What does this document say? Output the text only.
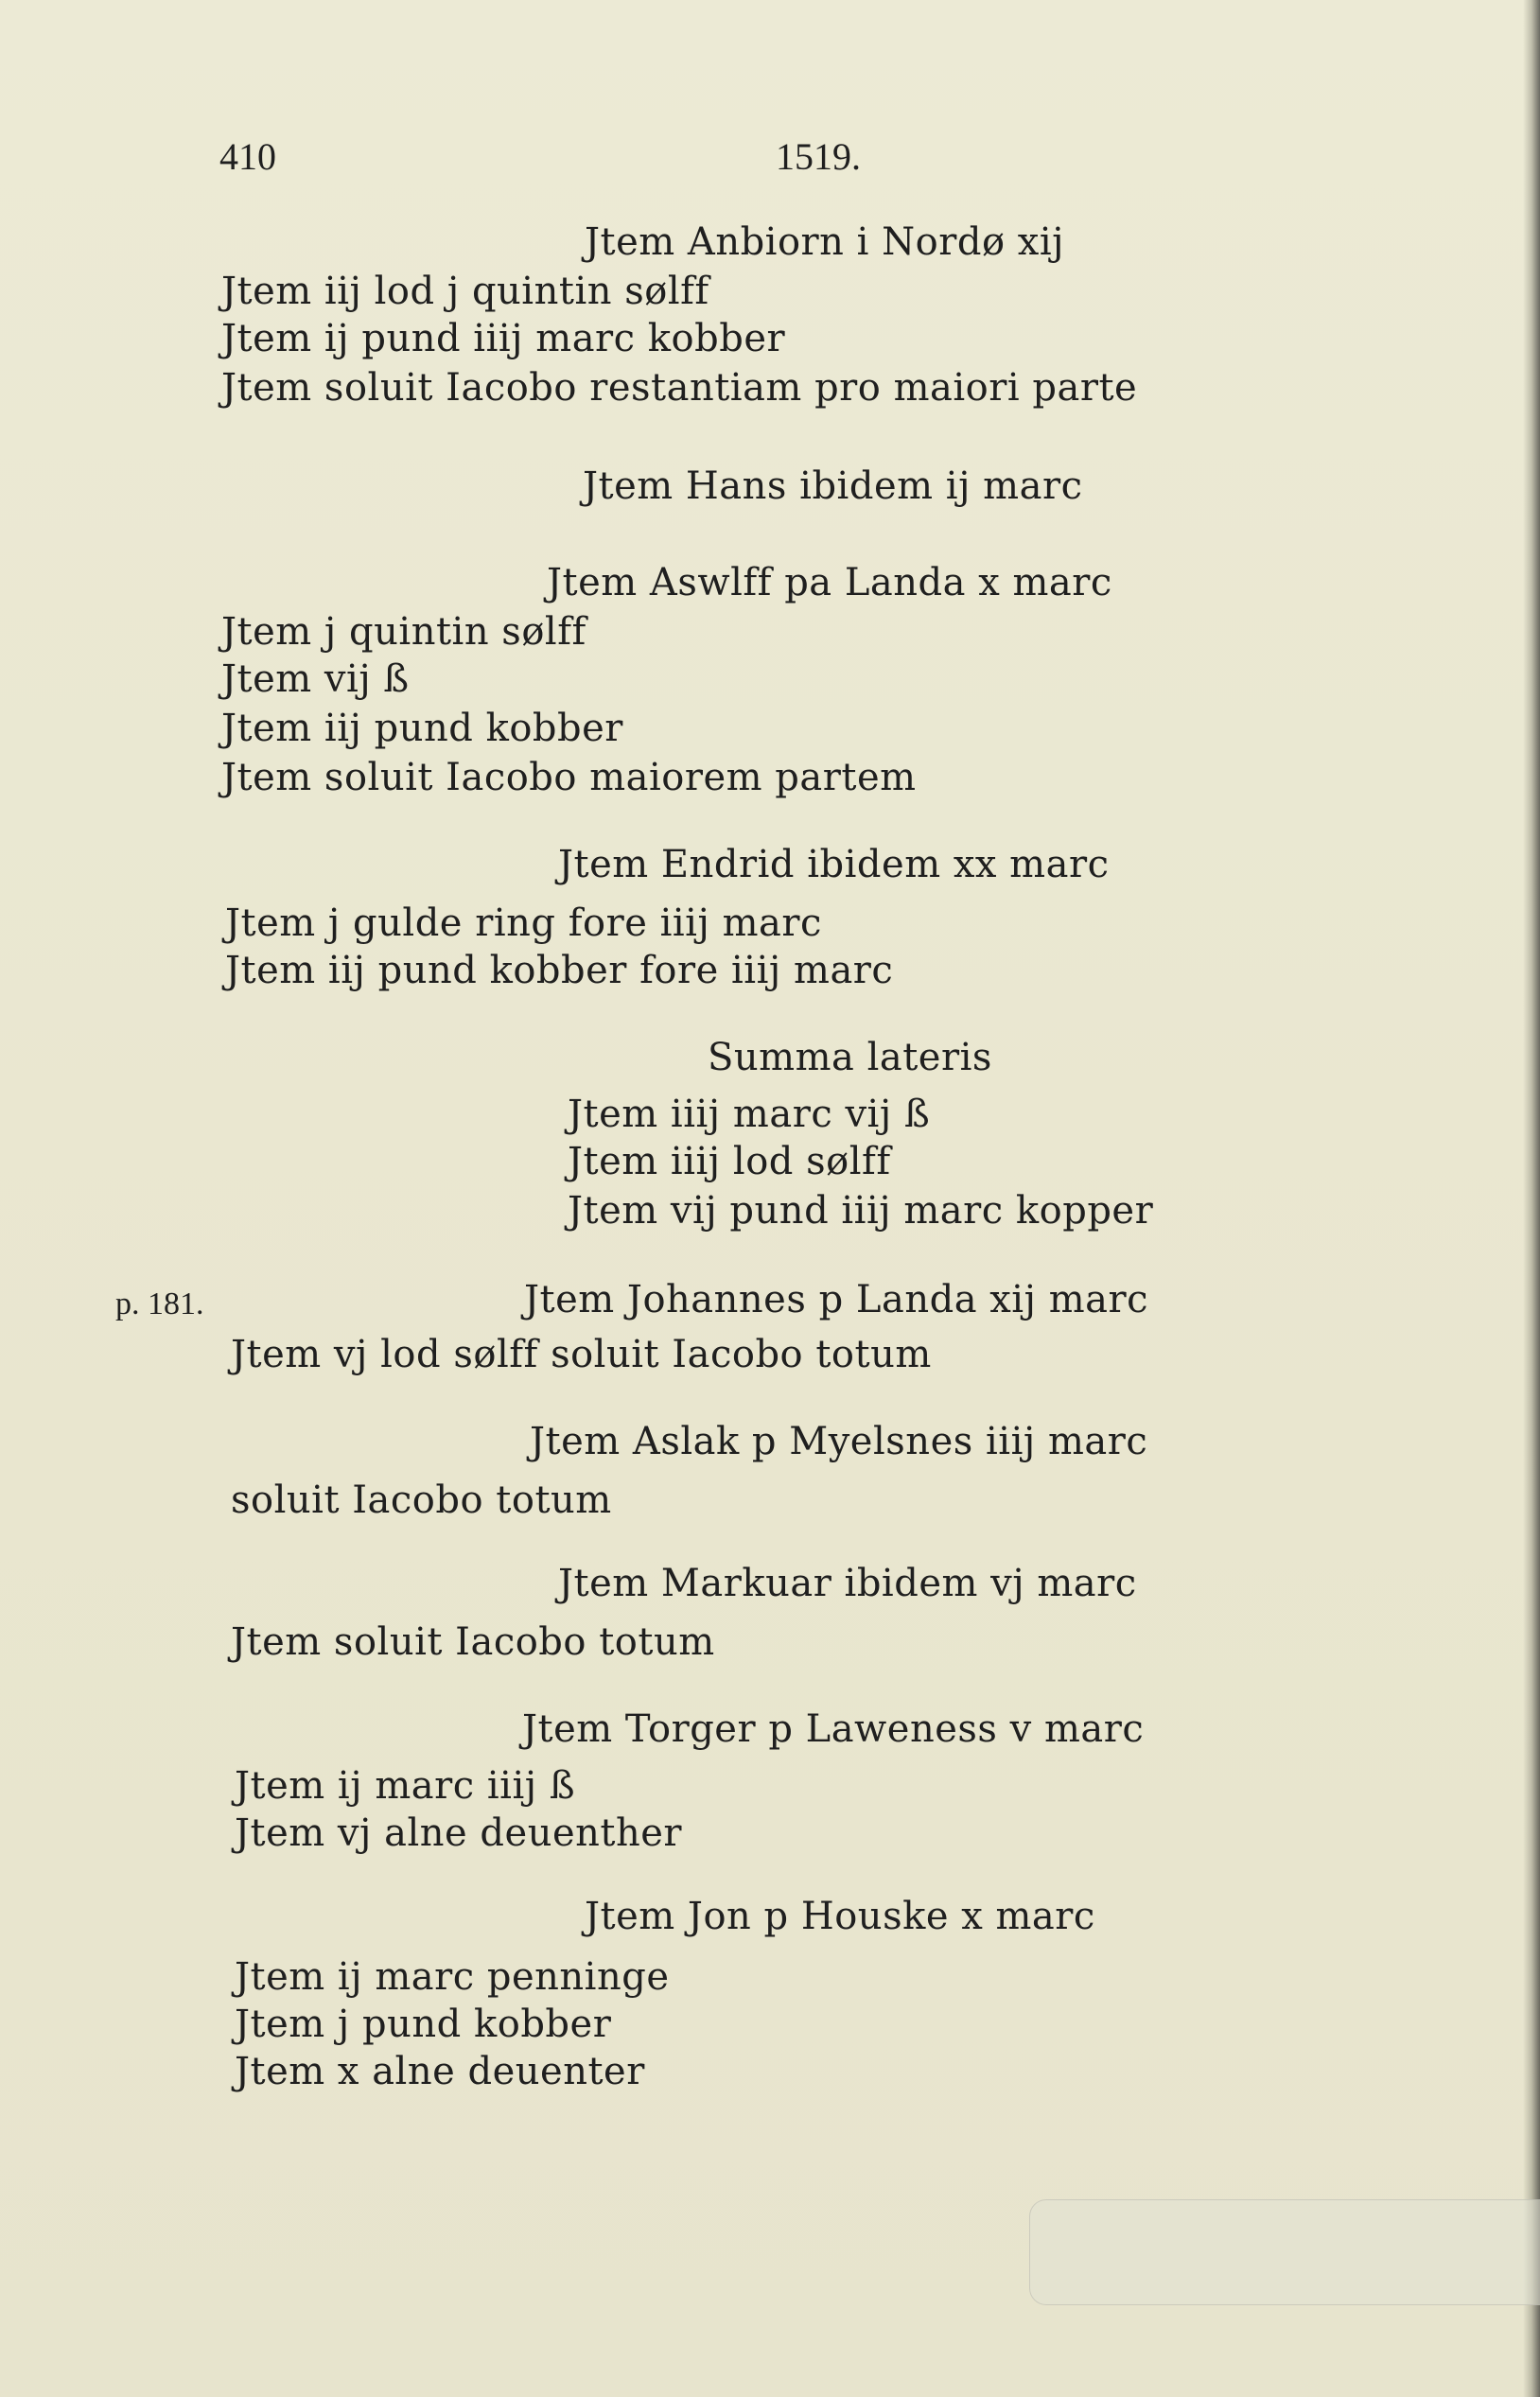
410	1519.
p. 181.
Jtem Anbiorn i Nordø xij
Jtem iij lod j quintin sølff
Jtem ij pund iiij marc kobber
Jtem soluit Iacobo restantiam pro maiori parte
Jtem Hans ibidem ij marc
Jtem Aswlff pa Landa x marc
Jtem j quintin sølff
Jtem vij ß
Jtem iij pund kobber
Jtem soluit Iacobo maiorem partem
Jtem Endrid ibidem xx marc
Jtem j gulde ring fore iiij marc
Jtem iij pund kobber fore iiij marc
Summa lateris
Jtem iiij marc vij ß
Jtem iiij lod sølff
Jtem vij pund iiij marc kopper
Jtem Johannes p Landa xij marc
Jtem vj lod sølff soluit Iacobo totum
Jtem Aslak p Myelsnes iiij marc
soluit Iacobo totum
Jtem Markuar ibidem vj marc
Jtem soluit Iacobo totum
Jtem Torger p Laweness v marc
Jtem ij marc iiij ß
Jtem vj alne deuenther
Jtem Jon p Houske x marc
Jtem ij marc penninge
Jtem j pund kobber
Jtem x alne deuenter
